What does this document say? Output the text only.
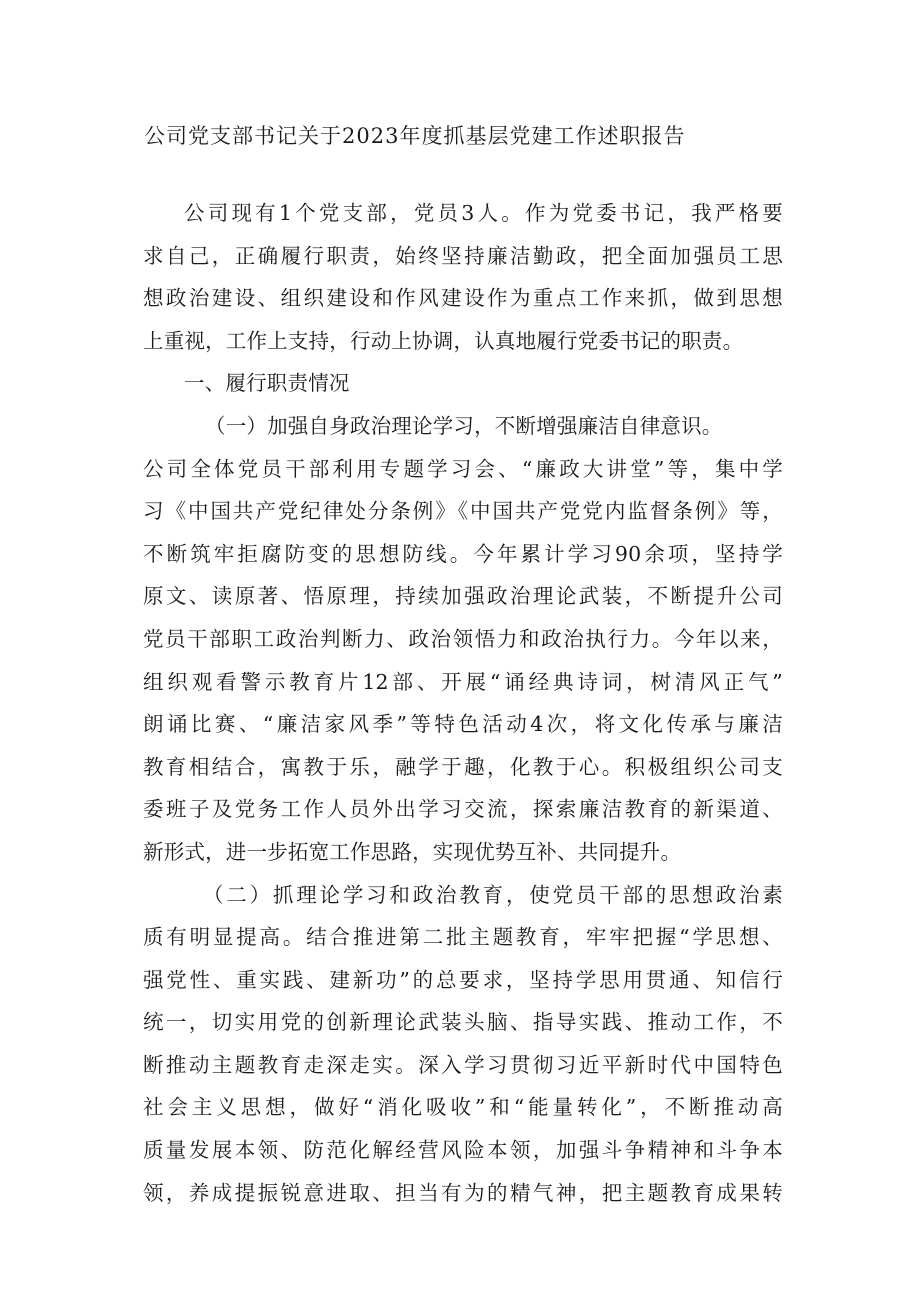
公司党支部书记关于2023年度抓基层党建工作述职报告
公司现有1个党支部，党员3人。作为党委书记，我严格要
求自己，正确履行职责，始终坚持廉洁勤政，把全面加强员工思
想政治建设、组织建设和作风建设作为重点工作来抓，做到思想
上重视，工作上支持，行动上协调，认真地履行党委书记的职责。
一、履行职责情况
（一）加强自身政治理论学习，不断增强廉洁自律意识。
公司全体党员干部利用专题学习会、“廉政大讲堂”等，集中学
习《中国共产党纪律处分条例》《中国共产党党内监督条例》等，
不断筑牢拒腐防变的思想防线。今年累计学习90余项，坚持学
原文、读原著、悟原理，持续加强政治理论武装，不断提升公司
党员干部职工政治判断力、政治领悟力和政治执行力。今年以来，
组织观看警示教育片12部、开展“诵经典诗词，树清风正气”
朗诵比赛、“廉洁家风季”等特色活动4次，将文化传承与廉洁
教育相结合，寓教于乐，融学于趣，化教于心。积极组织公司支
委班子及党务工作人员外出学习交流，探索廉洁教育的新渠道、
新形式，进一步拓宽工作思路，实现优势互补、共同提升。
（二）抓理论学习和政治教育，使党员干部的思想政治素
质有明显提高。结合推进第二批主题教育，牢牢把握“学思想、
强党性、重实践、建新功”的总要求，坚持学思用贯通、知信行
统一，切实用党的创新理论武装头脑、指导实践、推动工作，不
断推动主题教育走深走实。深入学习贯彻习近平新时代中国特色
社会主义思想，做好“消化吸收”和“能量转化”，不断推动高
质量发展本领、防范化解经营风险本领，加强斗争精神和斗争本
领，养成提振锐意进取、担当有为的精气神，把主题教育成果转
